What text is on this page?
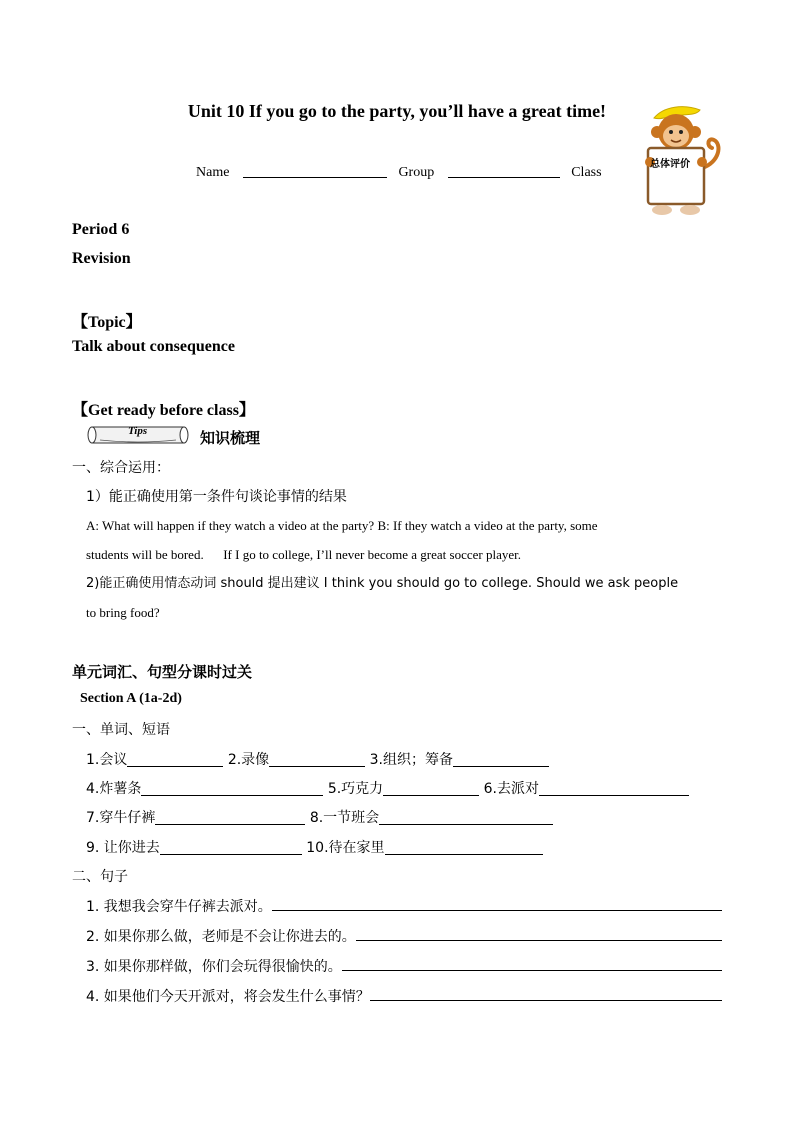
Unit 10 If you go to the party, you’ll have a great time!
Name	Group	Class
总体评价
Period 6
Revision
【Topic】
Talk about consequence
【Get ready before class】
Tips	知识梳理
一、综合运用：
1）能正确使用第一条件句谈论事情的结果
A: What will happen if they watch a video at the party? B: If they watch a video at the party, some
students will be bored.      If I go to college, I’ll never become a great soccer player.
2)能正确使用情态动词 should 提出建议 I think you should go to college. Should we ask people
to bring food?
单元词汇、句型分课时过关
Section A (1a-2d)
一、单词、短语
1.会议	2.录像	3.组织；筹备
4.炸薯条	5.巧克力	6.去派对
7.穿牛仔裤	8.一节班会
9. 让你进去	10.待在家里
二、句子
1. 我想我会穿牛仔裤去派对。
2. 如果你那么做，老师是不会让你进去的。
3. 如果你那样做，你们会玩得很愉快的。
4. 如果他们今天开派对，将会发生什么事情？
